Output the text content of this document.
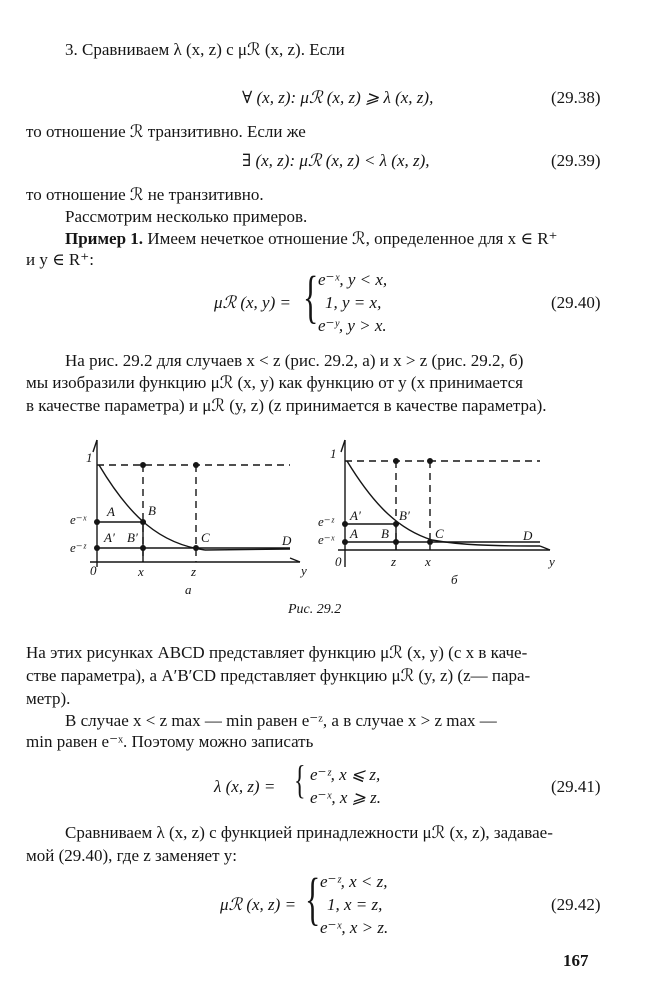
3. Сравниваем λ (x, z) с μℛ (x, z). Если
∀ (x, z): μℛ (x, z) ⩾ λ (x, z),	(29.38)
то отношение ℛ транзитивно. Если же
∃ (x, z): μℛ (x, z) < λ (x, z),	(29.39)
то отношение ℛ не транзитивно.
Рассмотрим несколько примеров.
Пример 1. Имеем нечеткое отношение ℛ, определенное для x ∈ R⁺
и y ∈ R⁺:
μℛ (x, y) = { e⁻ˣ, y < x,
1, y = x,
e⁻ʸ, y > x.
(29.40)
На рис. 29.2 для случаев x < z (рис. 29.2, a) и x > z (рис. 29.2, б)
мы изобразили функцию μℛ (x, y) как функцию от y (x принимается
в качестве параметра) и μℛ (y, z) (z принимается в качестве параметра).
1
e⁻ˣ
e⁻ᶻ
A	B
A′ B′	C	D
0	x	z	y
a
1
e⁻ᶻ
e⁻ˣ
A′	B′
A B	C	D
0	z x	y
б
Рис. 29.2
На этих рисунках ABCD представляет функцию μℛ (x, y) (с x в каче-
стве параметра), а A′B′CD представляет функцию μℛ (y, z) (z— пара-
метр).
В случае x < z max — min равен e⁻ᶻ, а в случае x > z max —
min равен e⁻ˣ. Поэтому можно записать
λ (x, z) = { e⁻ᶻ, x ⩽ z,
e⁻ˣ, x ⩾ z.
(29.41)
Сравниваем λ (x, z) с функцией принадлежности μℛ (x, z), задавае-
мой (29.40), где z заменяет y:
μℛ (x, z) = { e⁻ᶻ, x < z,
1, x = z,
e⁻ˣ, x > z.
(29.42)
167
